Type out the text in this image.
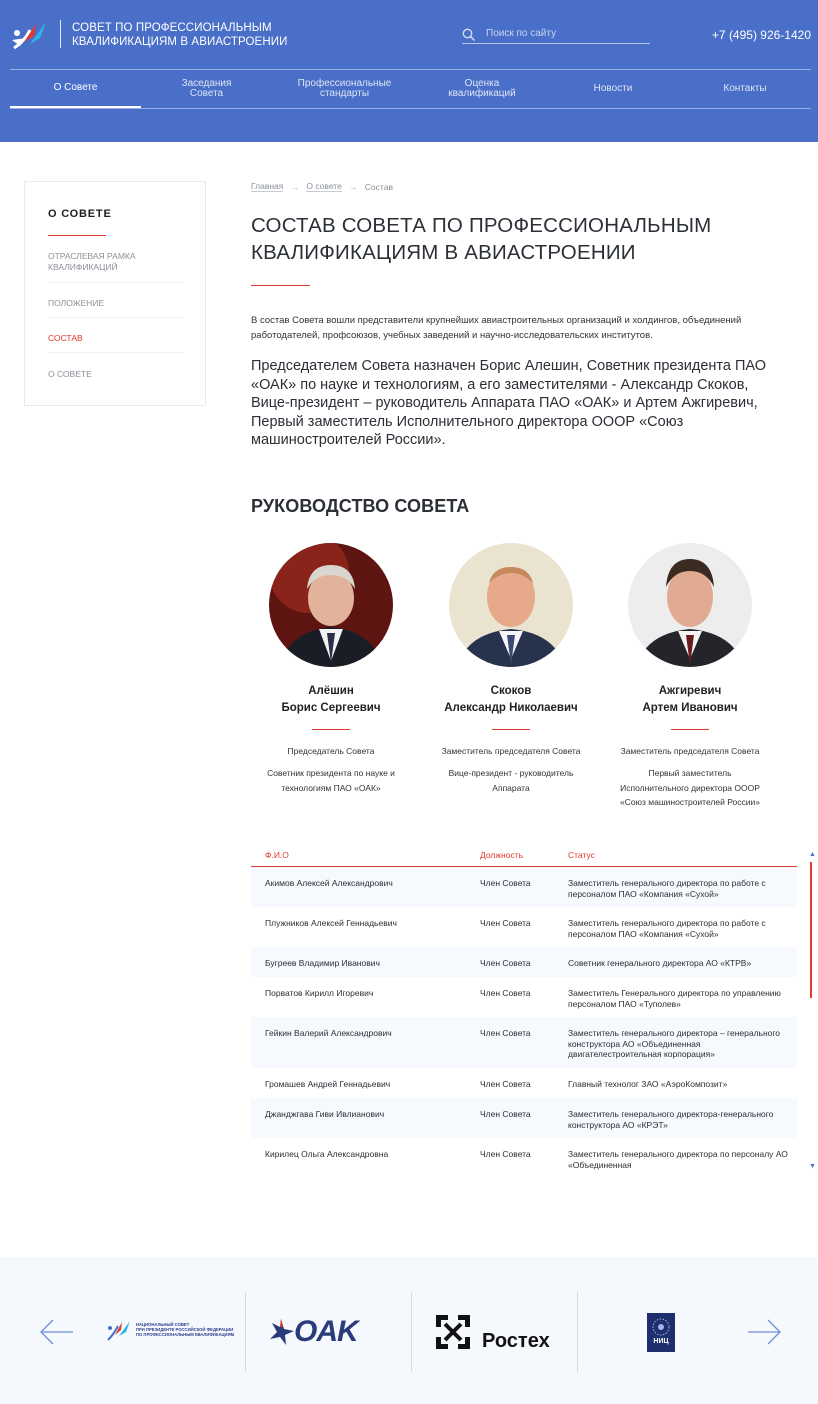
СОВЕТ ПО ПРОФЕССИОНАЛЬНЫМ
КВАЛИФИКАЦИЯМ В АВИАСТРОЕНИИ
Поиск по сайту	+7 (495) 926-1420
О Совете	Заседания
Совета
Профессиональные
стандарты
Оценка
квалификаций	Новости	Контакты
О СОВЕТЕ
ОТРАСЛЕВАЯ РАМКА
КВАЛИФИКАЦИЙ
ПОЛОЖЕНИЕ
СОСТАВ
О СОВЕТЕ
Главная → О совете → Состав
СОСТАВ СОВЕТА ПО ПРОФЕССИОНАЛЬНЫМ
КВАЛИФИКАЦИЯМ В АВИАСТРОЕНИИ

В состав Совета вошли представители крупнейших авиастроительных организаций и холдингов, объединений работодателей, профсоюзов, учебных заведений и научно-исследовательских институтов.

Председателем Совета назначен Борис Алешин, Советник президента ПАО «ОАК» по науке и технологиям, а его заместителями - Александр Скоков, Вице-президент – руководитель Аппарата ПАО «ОАК» и Артем Ажгиревич, Первый заместитель Исполнительного директора ООOР «Союз машиностроителей России».

РУКОВОДСТВО СОВЕТА
Алёшин
Борис Сергеевич
Председатель Совета
Советник президента по науке и
технологиям ПАО «ОАК»
Скоков
Александр Николаевич
Заместитель председателя Совета
Вице-президент - руководитель
Аппарата
Ажгиревич
Артем Иванович
Заместитель председателя Совета
Первый заместитель
Исполнительного директора ООOР
«Союз машиностроителей России»
Ф.И.О	Должность	Статус
Акимов Алексей Александрович	Член Совета	Заместитель генерального директора по работе с персоналом ПАО «Компания «Сухой»
Плужников Алексей Геннадьевич	Член Совета	Заместитель генерального директора по работе с персоналом ПАО «Компания «Сухой»
Бугреев Владимир Иванович	Член Совета	Советник генерального директора АО «КТРВ»
Порватов Кирилл Игоревич	Член Совета	Заместитель Генерального директора по управлению персоналом ПАО «Туполев»
Гейкин Валерий Александрович	Член Совета	Заместитель генерального директора – генерального конструктора АО «Объединенная двигателестроительная корпорация»
Громашев Андрей Геннадьевич	Член Совета	Главный технолог ЗАО «АэроКомпозит»
Джанджгава Гиви Ивлианович	Член Совета	Заместитель генерального директора-генерального конструктора АО «КРЭТ»
Кирилец Ольга Александровна	Член Совета	Заместитель генерального директора по персоналу АО «Объединенная
▲
▼
НАЦИОНАЛЬНЫЙ СОВЕТ
ПРИ ПРЕЗИДЕНТЕ РОССИЙСКОЙ ФЕДЕРАЦИИ
ПО ПРОФЕССИОНАЛЬНЫМ КВАЛИФИКАЦИЯМ OAK	Ростех	НИЦ
